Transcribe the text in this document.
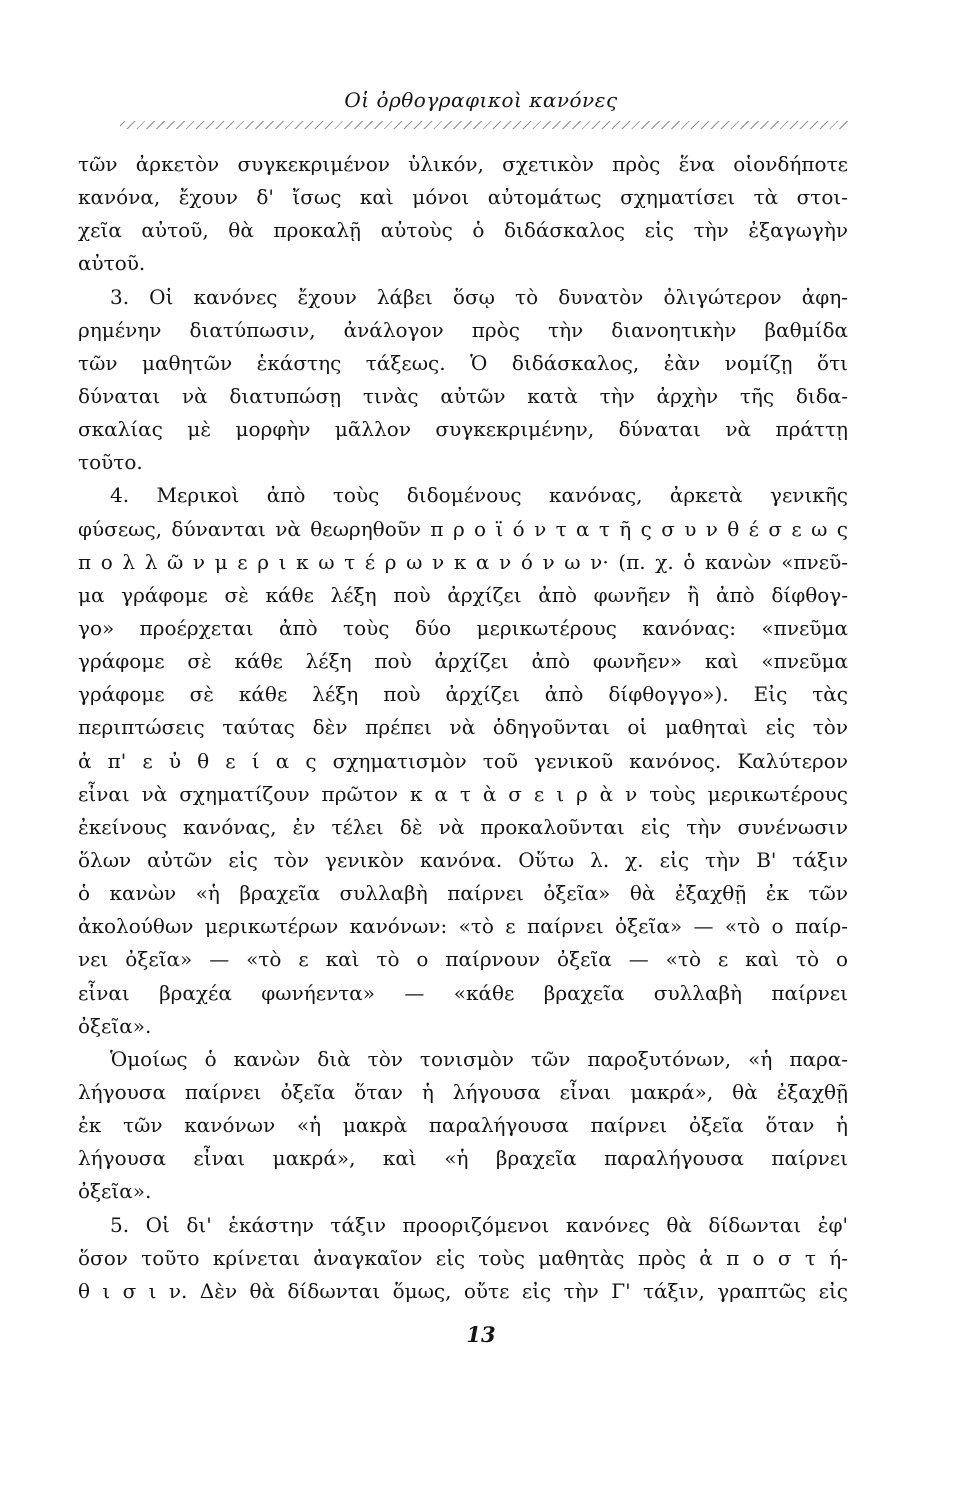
Οἱ ὀρθογραφικοὶ κανόνες
τῶν ἀρκετὸν συγκεκριμένον ὑλικόν, σχετικὸν πρὸς ἕνα οἱονδήποτε
κανόνα, ἔχουν δ' ἴσως καὶ μόνοι αὐτομάτως σχηματίσει τὰ στοι-
χεῖα αὐτοῦ, θὰ προκαλῇ αὐτοὺς ὁ διδάσκαλος εἰς τὴν ἐξαγωγὴν
αὐτοῦ.
3. Οἱ κανόνες ἔχουν λάβει ὅσῳ τὸ δυνατὸν ὀλιγώτερον ἀφη-
ρημένην διατύπωσιν, ἀνάλογον πρὸς τὴν διανοητικὴν βαθμίδα
τῶν μαθητῶν ἑκάστης τάξεως. Ὁ διδάσκαλος, ἐὰν νομίζῃ ὅτι
δύναται νὰ διατυπώσῃ τινὰς αὐτῶν κατὰ τὴν ἀρχὴν τῆς διδα-
σκαλίας μὲ μορφὴν μᾶλλον συγκεκριμένην, δύναται νὰ πράττῃ
τοῦτο.
4. Μερικοὶ ἀπὸ τοὺς διδομένους κανόνας, ἀρκετὰ γενικῆς
φύσεως, δύνανται νὰ θεωρηθοῦν π ρ ο ϊ ό ν τ α τ ῆ ς σ υ ν θ έ σ ε ω ς
π ο λ λ ῶ ν μ ε ρ ι κ ω τ έ ρ ω ν κ α ν ό ν ω ν· (π. χ. ὁ κανὼν «πνεῦ-
μα γράφομε σὲ κάθε λέξη ποὺ ἀρχίζει ἀπὸ φωνῆεν ἢ ἀπὸ δίφθογ-
γο» προέρχεται ἀπὸ τοὺς δύο μερικωτέρους κανόνας: «πνεῦμα
γράφομε σὲ κάθε λέξη ποὺ ἀρχίζει ἀπὸ φωνῆεν» καὶ «πνεῦμα
γράφομε σὲ κάθε λέξη ποὺ ἀρχίζει ἀπὸ δίφθογγο»). Εἰς τὰς
περιπτώσεις ταύτας δὲν πρέπει νὰ ὁδηγοῦνται οἱ μαθηταὶ εἰς τὸν
ἀ π' ε ὐ θ ε ί α ς σχηματισμὸν τοῦ γενικοῦ κανόνος. Καλύτερον
εἶναι νὰ σχηματίζουν πρῶτον κ α τ ὰ σ ε ι ρ ὰ ν τοὺς μερικωτέρους
ἐκείνους κανόνας, ἐν τέλει δὲ νὰ προκαλοῦνται εἰς τὴν συνένωσιν
ὅλων αὐτῶν εἰς τὸν γενικὸν κανόνα. Οὕτω λ. χ. εἰς τὴν Β' τάξιν
ὁ κανὼν «ἡ βραχεῖα συλλαβὴ παίρνει ὀξεῖα» θὰ ἐξαχθῇ ἐκ τῶν
ἀκολούθων μερικωτέρων κανόνων: «τὸ ε παίρνει ὀξεῖα» — «τὸ ο παίρ-
νει ὀξεῖα» — «τὸ ε καὶ τὸ ο παίρνουν ὀξεῖα — «τὸ ε καὶ τὸ ο
εἶναι βραχέα φωνήεντα» — «κάθε βραχεῖα συλλαβὴ παίρνει
ὀξεῖα».
Ὁμοίως ὁ κανὼν διὰ τὸν τονισμὸν τῶν παροξυτόνων, «ἡ παρα-
λήγουσα παίρνει ὀξεῖα ὅταν ἡ λήγουσα εἶναι μακρά», θὰ ἐξαχθῇ
ἐκ τῶν κανόνων «ἡ μακρὰ παραλήγουσα παίρνει ὀξεῖα ὅταν ἡ
λήγουσα εἶναι μακρά», καὶ «ἡ βραχεῖα παραλήγουσα παίρνει
ὀξεῖα».
5. Οἱ δι' ἑκάστην τάξιν προοριζόμενοι κανόνες θὰ δίδωνται ἐφ'
ὅσον τοῦτο κρίνεται ἀναγκαῖον εἰς τοὺς μαθητὰς πρὸς ἀ π ο σ τ ή-
θ ι σ ι ν. Δὲν θὰ δίδωνται ὅμως, οὔτε εἰς τὴν Γ' τάξιν, γραπτῶς εἰς
13
